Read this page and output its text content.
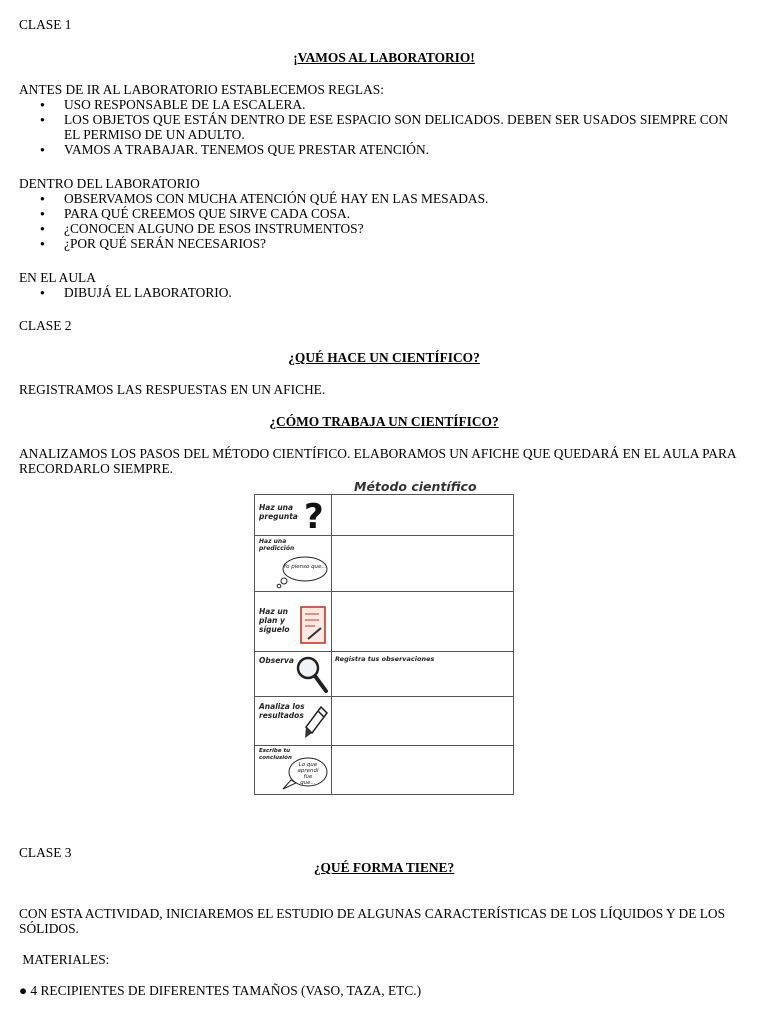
CLASE 1
¡VAMOS AL LABORATORIO!
ANTES DE IR AL LABORATORIO ESTABLECEMOS REGLAS:
● USO RESPONSABLE DE LA ESCALERA.
● LOS OBJETOS QUE ESTÁN DENTRO DE ESE ESPACIO SON DELICADOS. DEBEN SER USADOS SIEMPRE CON EL PERMISO DE UN ADULTO.
● VAMOS A TRABAJAR. TENEMOS QUE PRESTAR ATENCIÓN.
DENTRO DEL LABORATORIO
● OBSERVAMOS CON MUCHA ATENCIÓN QUÉ HAY EN LAS MESADAS.
● PARA QUÉ CREEMOS QUE SIRVE CADA COSA.
● ¿CONOCEN ALGUNO DE ESOS INSTRUMENTOS?
● ¿POR QUÉ SERÁN NECESARIOS?
EN EL AULA
● DIBUJÁ EL LABORATORIO.
CLASE 2
¿QUÉ HACE UN CIENTÍFICO?
REGISTRAMOS LAS RESPUESTAS EN UN AFICHE.
¿CÓMO TRABAJA UN CIENTÍFICO?
ANALIZAMOS LOS PASOS DEL MÉTODO CIENTÍFICO. ELABORAMOS UN AFICHE QUE QUEDARÁ EN EL AULA PARA RECORDARLO SIEMPRE.
Método científico
Haz una
pregunta ?
Haz una
predicción
Yo pienso que...
Haz un
plan y
síguelo
Observa	Registra tus observaciones
Analiza los
resultados
Escribe tu
conclusión
Lo que aprendí fue que...
CLASE 3
¿QUÉ FORMA TIENE?
CON ESTA ACTIVIDAD, INICIAREMOS EL ESTUDIO DE ALGUNAS CARACTERÍSTICAS DE LOS LÍQUIDOS Y DE LOS SÓLIDOS.
MATERIALES:
● 4 RECIPIENTES DE DIFERENTES TAMAÑOS (VASO, TAZA, ETC.)
